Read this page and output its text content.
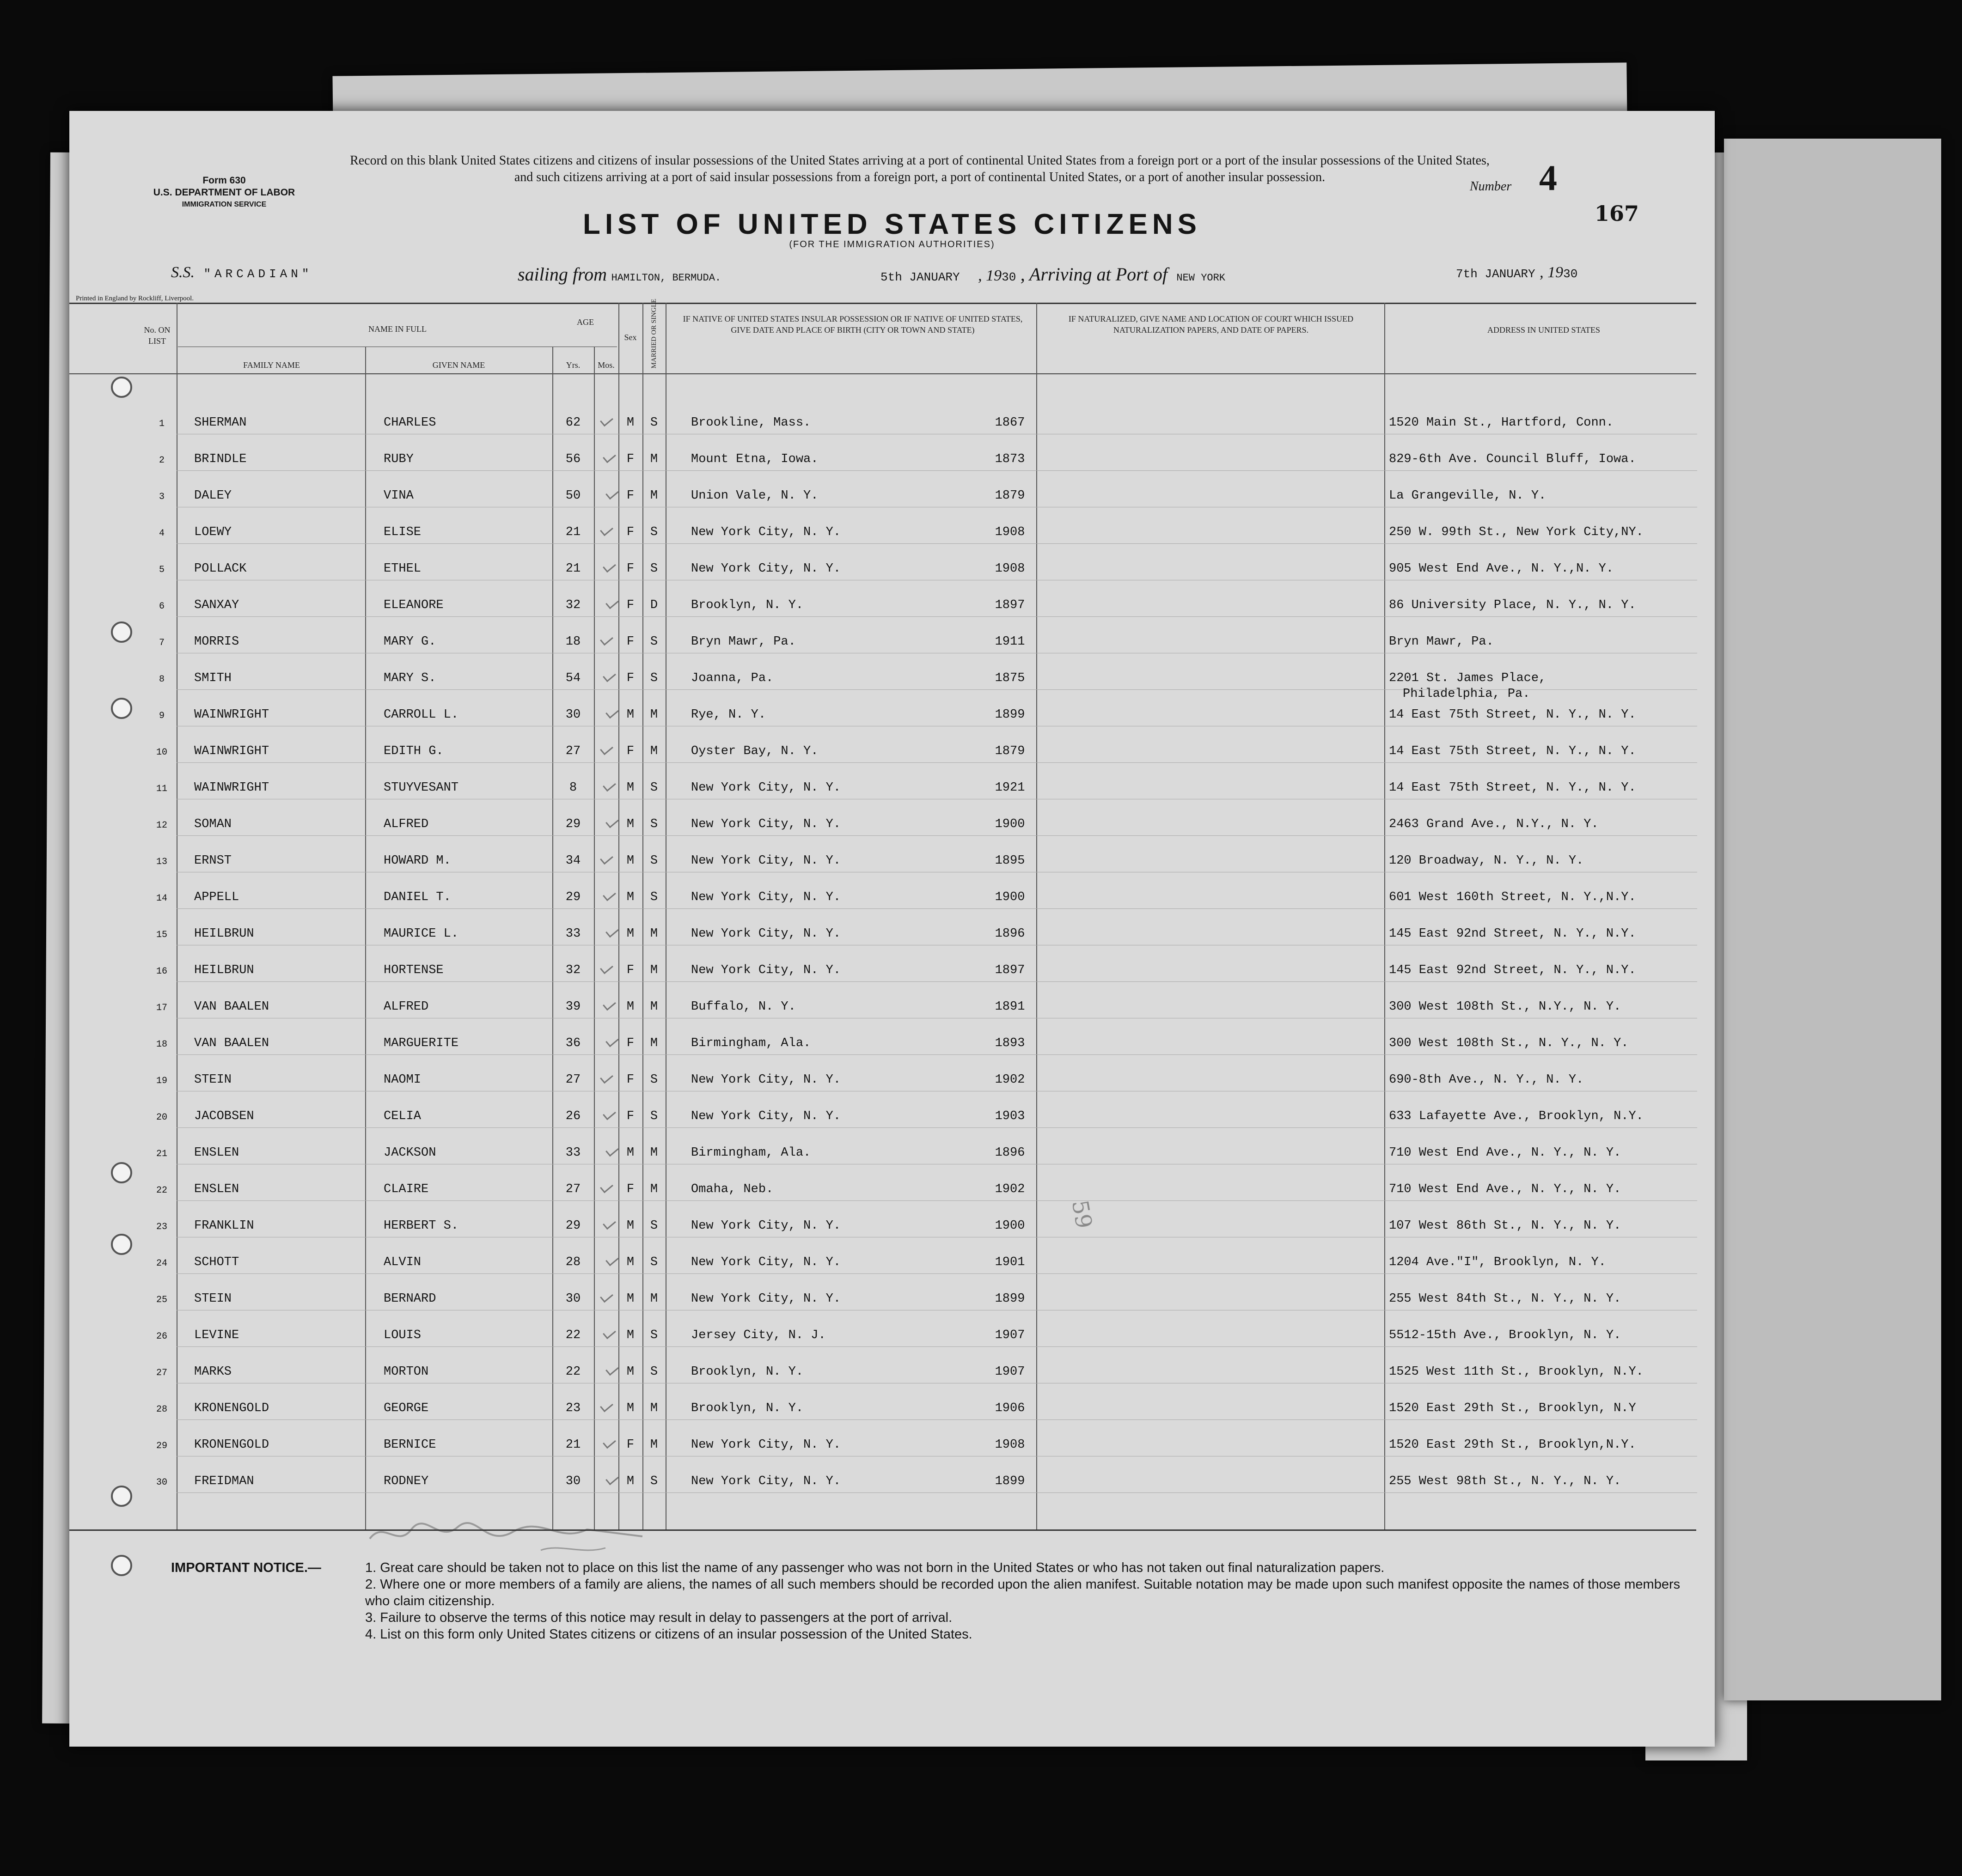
Form 630
U.S. DEPARTMENT OF LABOR
IMMIGRATION SERVICE
Record on this blank United States citizens and citizens of insular possessions of the United States arriving at a port of continental United States from a foreign port or a port of the insular possessions of the United States, and such citizens arriving at a port of said insular possessions from a foreign port, a port of continental United States, or a port of another insular possession.
Number 4
167
LIST OF UNITED STATES CITIZENS
(FOR THE IMMIGRATION AUTHORITIES)
S.S. "ARCADIAN"	sailing from HAMILTON, BERMUDA.	5th JANUARY , 1930 , Arriving at Port of NEW YORK	7th JANUARY , 1930
Printed in England by Rockliff, Liverpool.
No. ON LIST
NAME IN FULL
FAMILY NAME	GIVEN NAME
AGE
Yrs.	Mos.
Sex	MARRIED OR SINGLE	IF NATIVE OF UNITED STATES INSULAR POSSESSION OR IF NATIVE OF UNITED STATES, GIVE DATE AND PLACE OF BIRTH (CITY OR TOWN AND STATE)
IF NATURALIZED, GIVE NAME AND LOCATION OF COURT WHICH ISSUED NATURALIZATION PAPERS, AND DATE OF PAPERS.	ADDRESS IN UNITED STATES
1	SHERMAN	CHARLES	62	M	S	Brookline, Mass.	1867	1520 Main St., Hartford, Conn.
2	BRINDLE	RUBY	56	F	M	Mount Etna, Iowa.	1873	829-6th Ave. Council Bluff, Iowa.
3	DALEY	VINA	50	F	M	Union Vale, N. Y.	1879	La Grangeville, N. Y.
4	LOEWY	ELISE	21	F	S	New York City, N. Y.	1908	250 W. 99th St., New York City,NY.
5	POLLACK	ETHEL	21	F	S	New York City, N. Y.	1908	905 West End Ave., N. Y.,N. Y.
6	SANXAY	ELEANORE	32	F	D	Brooklyn, N. Y.	1897	86 University Place, N. Y., N. Y.
7	MORRIS	MARY G.	18	F	S	Bryn Mawr, Pa.	1911	Bryn Mawr, Pa.
8	SMITH	MARY S.	54	F	S	Joanna, Pa.	1875	2201 St. James Place,
Philadelphia, Pa.
9	WAINWRIGHT	CARROLL L.	30	M	M	Rye, N. Y.	1899	14 East 75th Street, N. Y., N. Y.
10	WAINWRIGHT	EDITH G.	27	F	M	Oyster Bay, N. Y.	1879	14 East 75th Street, N. Y., N. Y.
11	WAINWRIGHT	STUYVESANT	8	M	S	New York City, N. Y.	1921	14 East 75th Street, N. Y., N. Y.
12	SOMAN	ALFRED	29	M	S	New York City, N. Y.	1900	2463 Grand Ave., N.Y., N. Y.
13	ERNST	HOWARD M.	34	M	S	New York City, N. Y.	1895	120 Broadway, N. Y., N. Y.
14	APPELL	DANIEL T.	29	M	S	New York City, N. Y.	1900	601 West 160th Street, N. Y.,N.Y.
15	HEILBRUN	MAURICE L.	33	M	M	New York City, N. Y.	1896	145 East 92nd Street, N. Y., N.Y.
16	HEILBRUN	HORTENSE	32	F	M	New York City, N. Y.	1897	145 East 92nd Street, N. Y., N.Y.
17	VAN BAALEN	ALFRED	39	M	M	Buffalo, N. Y.	1891	300 West 108th St., N.Y., N. Y.
18	VAN BAALEN	MARGUERITE	36	F	M	Birmingham, Ala.	1893	300 West 108th St., N. Y., N. Y.
19	STEIN	NAOMI	27	F	S	New York City, N. Y.	1902	690-8th Ave., N. Y., N. Y.
20	JACOBSEN	CELIA	26	F	S	New York City, N. Y.	1903	633 Lafayette Ave., Brooklyn, N.Y.
21	ENSLEN	JACKSON	33	M	M	Birmingham, Ala.	1896	710 West End Ave., N. Y., N. Y.
22	ENSLEN	CLAIRE	27	F	M	Omaha, Neb.	1902	710 West End Ave., N. Y., N. Y.
23	FRANKLIN	HERBERT S.	29	M	S	New York City, N. Y.	1900	107 West 86th St., N. Y., N. Y.
24	SCHOTT	ALVIN	28	M	S	New York City, N. Y.	1901	1204 Ave."I", Brooklyn, N. Y.
25	STEIN	BERNARD	30	M	M	New York City, N. Y.	1899	255 West 84th St., N. Y., N. Y.
26	LEVINE	LOUIS	22	M	S	Jersey City, N. J.	1907	5512-15th Ave., Brooklyn, N. Y.
27	MARKS	MORTON	22	M	S	Brooklyn, N. Y.	1907	1525 West 11th St., Brooklyn, N.Y.
28	KRONENGOLD	GEORGE	23	M	M	Brooklyn, N. Y.	1906	1520 East 29th St., Brooklyn, N.Y
29	KRONENGOLD	BERNICE	21	F	M	New York City, N. Y.	1908	1520 East 29th St., Brooklyn,N.Y.
30	FREIDMAN	RODNEY	30	M	S	New York City, N. Y.	1899	255 West 98th St., N. Y., N. Y.
59
IMPORTANT NOTICE.—	1. Great care should be taken not to place on this list the name of any passenger who was not born in the United States or who has not taken out final naturalization papers.
2. Where one or more members of a family are aliens, the names of all such members should be recorded upon the alien manifest. Suitable notation may be made upon such manifest opposite the names of those members who claim citizenship.
3. Failure to observe the terms of this notice may result in delay to passengers at the port of arrival.
4. List on this form only United States citizens or citizens of an insular possession of the United States.
